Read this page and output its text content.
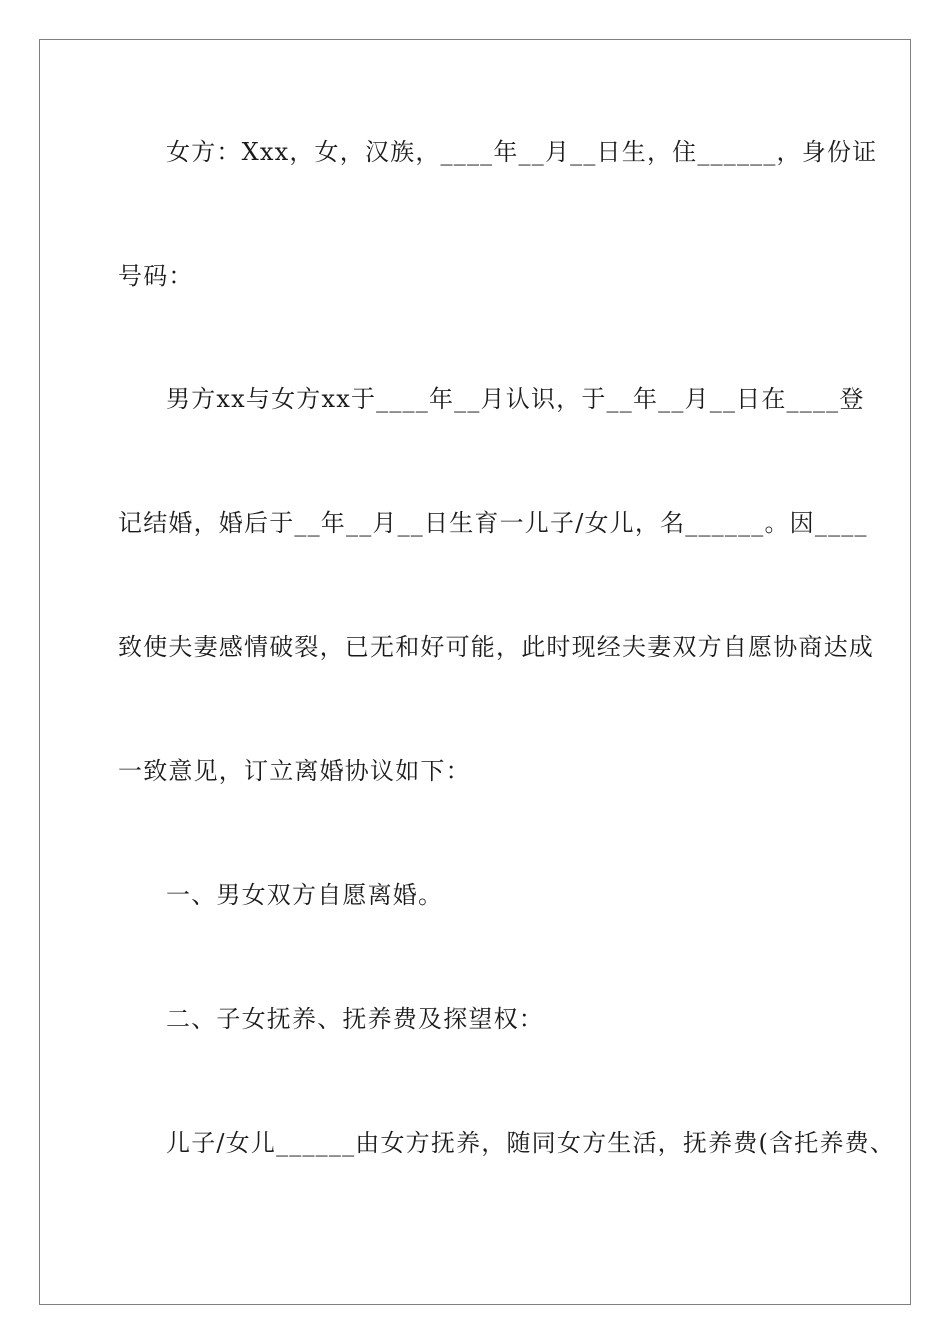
女方：Xxx，女，汉族，____年__月__日生，住______，身份证
号码：
男方xx与女方xx于____年__月认识，于__年__月__日在____登
记结婚，婚后于__年__月__日生育一儿子/女儿，名______。因____
致使夫妻感情破裂，已无和好可能，此时现经夫妻双方自愿协商达成
一致意见，订立离婚协议如下：
一、男女双方自愿离婚。
二、子女抚养、抚养费及探望权：
儿子/女儿______由女方抚养，随同女方生活，抚养费(含托养费、
